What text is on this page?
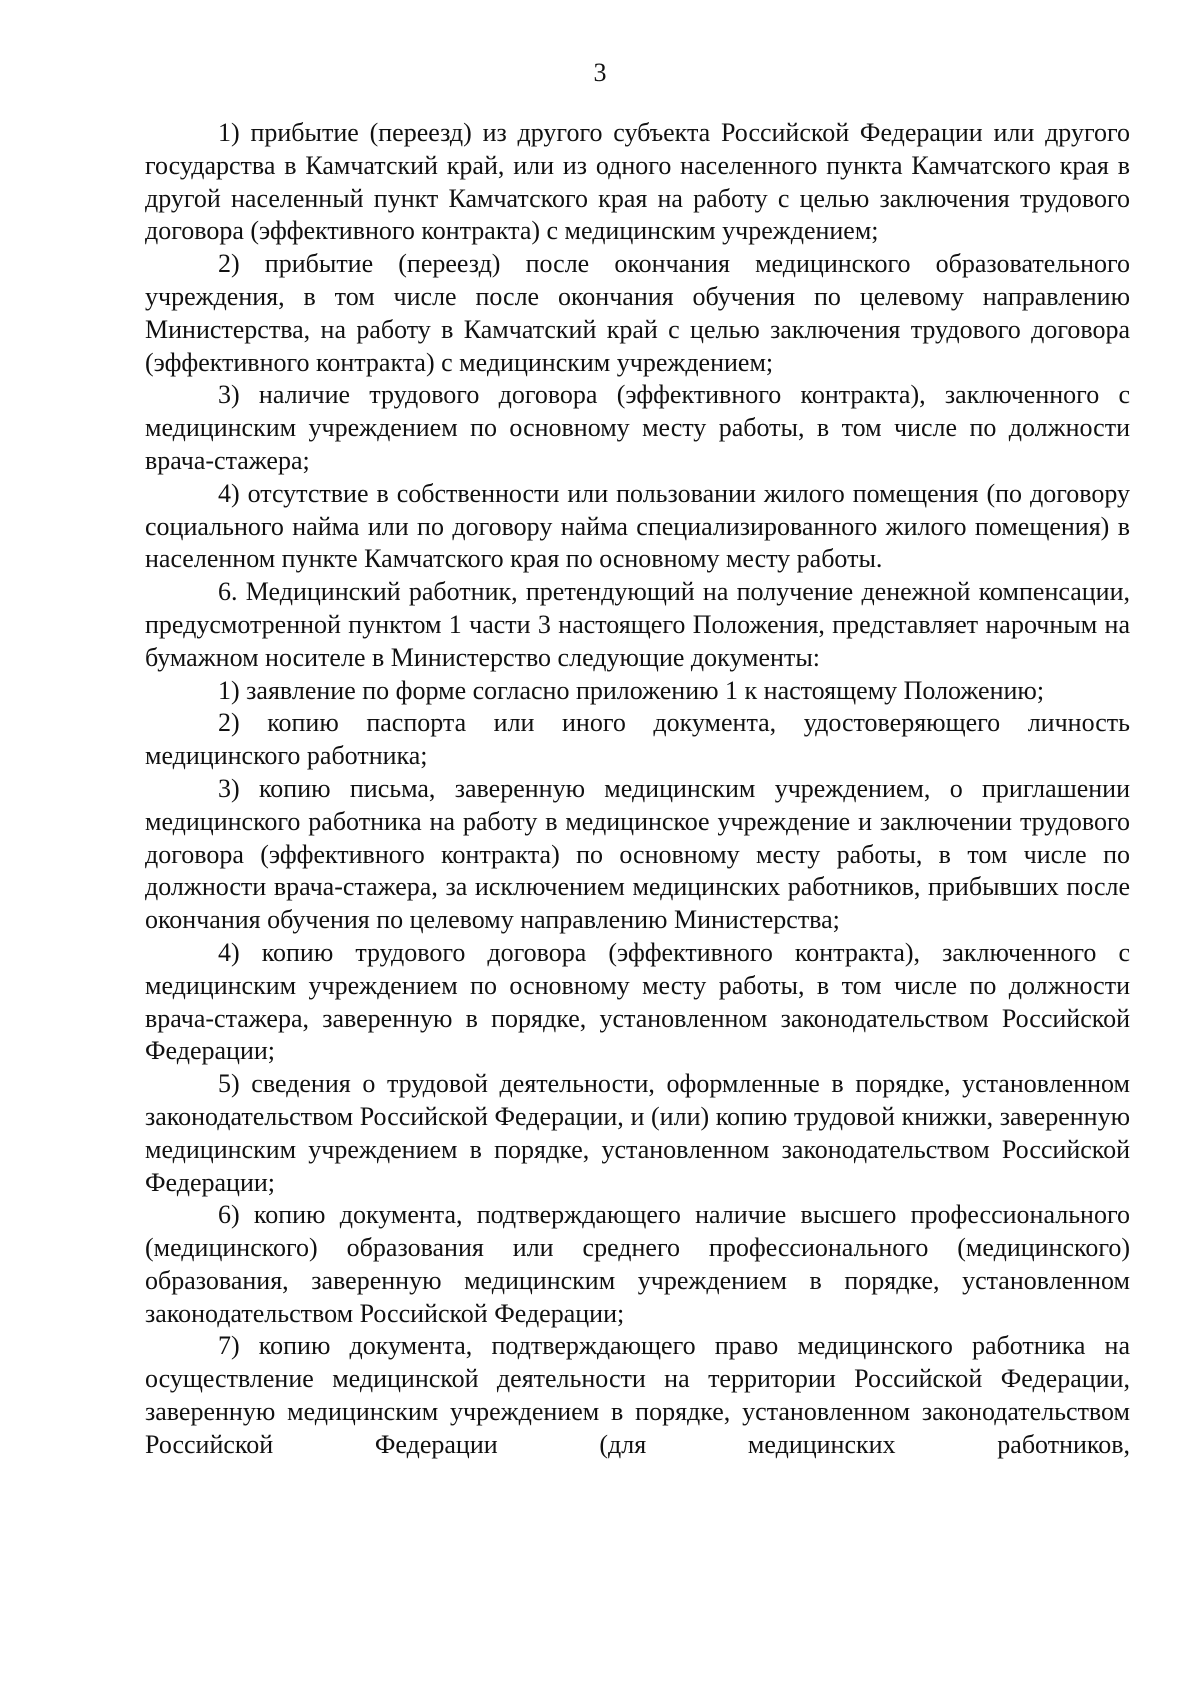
3

1) прибытие (переезд) из другого субъекта Российской Федерации или другого государства в Камчатский край, или из одного населенного пункта Камчатского края в другой населенный пункт Камчатского края на работу с целью заключения трудового договора (эффективного контракта) с медицинским учреждением;

2) прибытие (переезд) после окончания медицинского образовательного учреждения, в том числе после окончания обучения по целевому направлению Министерства, на работу в Камчатский край с целью заключения трудового договора (эффективного контракта) с медицинским учреждением;

3) наличие трудового договора (эффективного контракта), заключенного с медицинским учреждением по основному месту работы, в том числе по должности врача-стажера;

4) отсутствие в собственности или пользовании жилого помещения (по договору социального найма или по договору найма специализированного жилого помещения) в населенном пункте Камчатского края по основному месту работы.

6. Медицинский работник, претендующий на получение денежной компенсации, предусмотренной пунктом 1 части 3 настоящего Положения, представляет нарочным на бумажном носителе в Министерство следующие документы:

1) заявление по форме согласно приложению 1 к настоящему Положению;

2) копию паспорта или иного документа, удостоверяющего личность медицинского работника;

3) копию письма, заверенную медицинским учреждением, о приглашении медицинского работника на работу в медицинское учреждение и заключении трудового договора (эффективного контракта) по основному месту работы, в том числе по должности врача-стажера, за исключением медицинских работников, прибывших после окончания обучения по целевому направлению Министерства;

4) копию трудового договора (эффективного контракта), заключенного с медицинским учреждением по основному месту работы, в том числе по должности врача-стажера, заверенную в порядке, установленном законодательством Российской Федерации;

5) сведения о трудовой деятельности, оформленные в порядке, установленном законодательством Российской Федерации, и (или) копию трудовой книжки, заверенную медицинским учреждением в порядке, установленном законодательством Российской Федерации;

6) копию документа, подтверждающего наличие высшего профессионального (медицинского) образования или среднего профессионального (медицинского) образования, заверенную медицинским учреждением в порядке, установленном законодательством Российской Федерации;

7) копию документа, подтверждающего право медицинского работника на осуществление медицинской деятельности на территории Российской Федерации, заверенную медицинским учреждением в порядке, установленном законодательством Российской Федерации (для медицинских работников,
